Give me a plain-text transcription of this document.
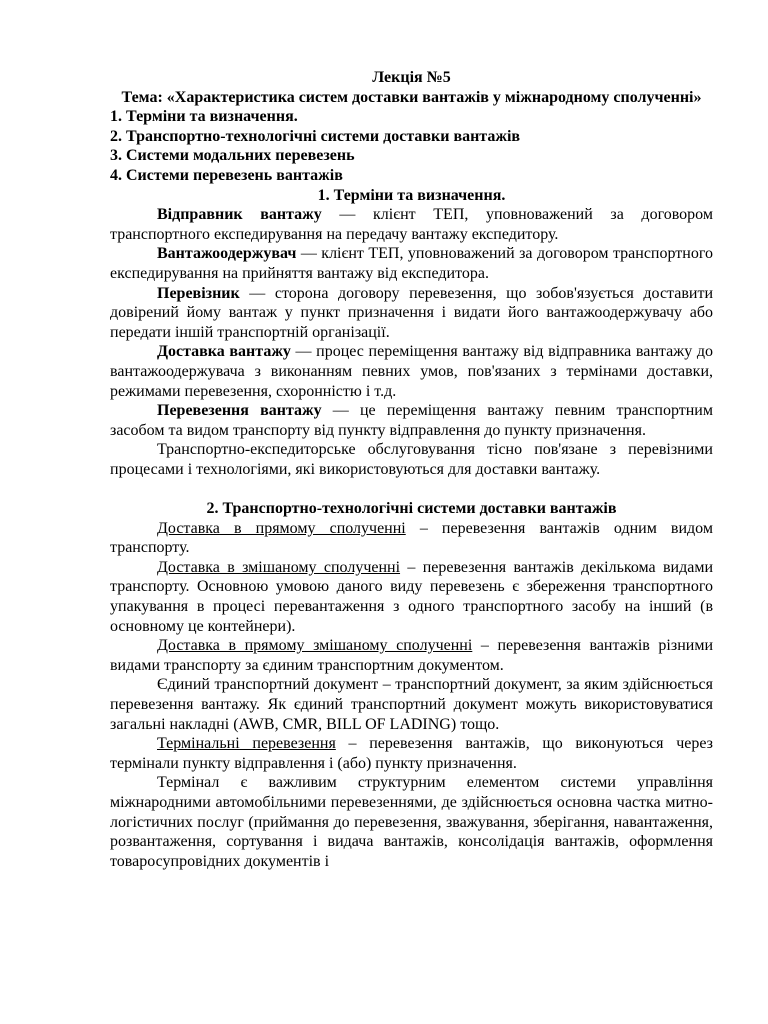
Лекція №5
Тема: «Характеристика систем доставки вантажів у міжнародному сполученні»
1. Терміни та визначення.
2. Транспортно-технологічні системи доставки вантажів
3. Системи модальних перевезень
4. Системи перевезень вантажів
1. Терміни та визначення.

Відправник вантажу — клієнт ТЕП, уповноважений за договором транспортного експедирування на передачу вантажу експедитору.

Вантажоодержувач — клієнт ТЕП, уповноважений за договором транспортного експедирування на прийняття вантажу від експедитора.

Перевізник — сторона договору перевезення, що зобов'язується доставити довірений йому вантаж у пункт призначення і видати його вантажоодержувачу або передати іншій транспортній організації.

Доставка вантажу — процес переміщення вантажу від відправника вантажу до вантажоодержувача з виконанням певних умов, пов'язаних з термінами доставки, режимами перевезення, схоронністю і т.д.

Перевезення вантажу — це переміщення вантажу певним транспортним засобом та видом транспорту від пункту відправлення до пункту призначення.

Транспортно-експедиторське обслуговування тісно пов'язане з перевізними процесами і технологіями, які використовуються для доставки вантажу.

2. Транспортно-технологічні системи доставки вантажів

Доставка в прямому сполученні – перевезення вантажів одним видом транспорту.

Доставка в змішаному сполученні – перевезення вантажів декількома видами транспорту. Основною умовою даного виду перевезень є збереження транспортного упакування в процесі перевантаження з одного транспортного засобу на інший (в основному це контейнери).

Доставка в прямому змішаному сполученні – перевезення вантажів різними видами транспорту за єдиним транспортним документом.

Єдиний транспортний документ – транспортний документ, за яким здійснюється перевезення вантажу. Як єдиний транспортний документ можуть використовуватися загальні накладні (AWB, CMR, BILL OF LADING) тощо.

Термінальні перевезення – перевезення вантажів, що виконуються через термінали пункту відправлення і (або) пункту призначення.

Термінал є важливим структурним елементом системи управління міжнародними автомобільними перевезеннями, де здійснюється основна частка митно-логістичних послуг (приймання до перевезення, зважування, зберігання, навантаження, розвантаження, сортування і видача вантажів, консолідація вантажів, оформлення товаросупровідних документів і
